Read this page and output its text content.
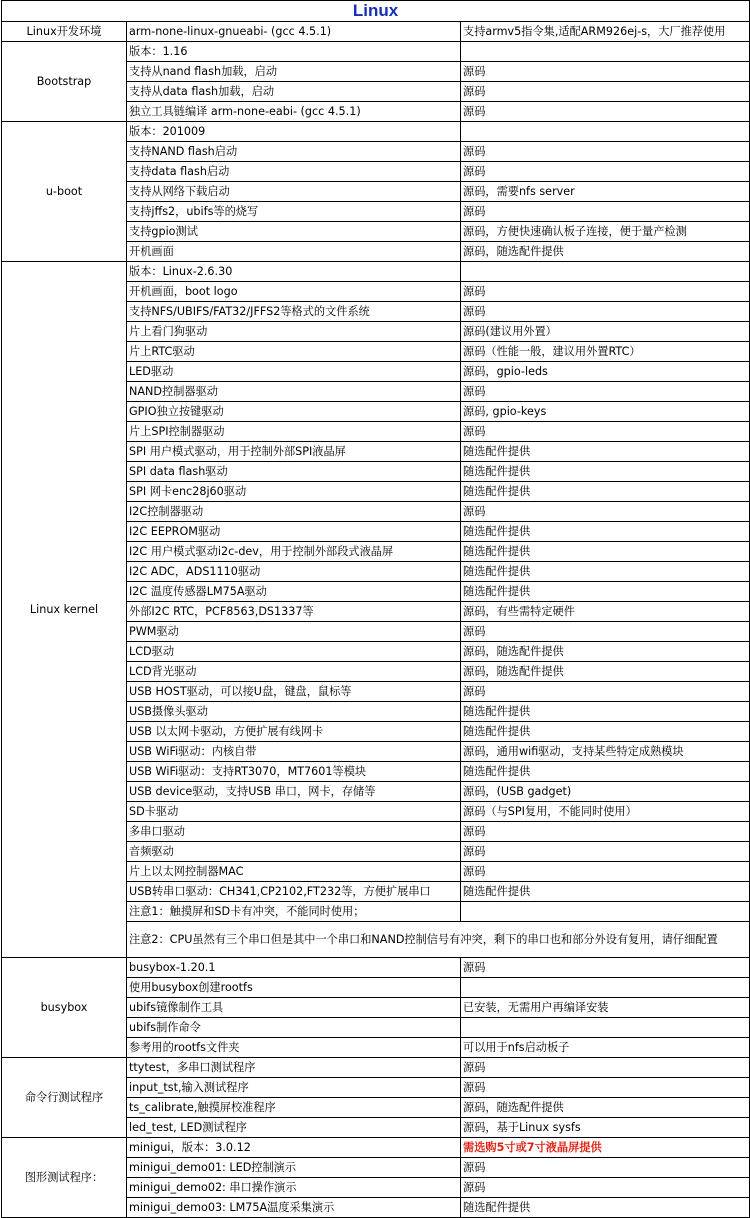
Linux		
Linux开发环境	arm-none-linux-gnueabi- (gcc 4.5.1)	支持armv5指令集,适配ARM926ej-s，大厂推荐使用
Bootstrap	版本：1.16	
	支持从nand flash加载，启动	源码
	支持从data flash加载，启动	源码
	独立工具链编译 arm-none-eabi- (gcc 4.5.1)	源码
u-boot	版本：201009	
	支持NAND flash启动	源码
	支持data flash启动	源码
	支持从网络下载启动	源码，需要nfs server
	支持jffs2，ubifs等的烧写	源码
	支持gpio测试	源码，方便快速确认板子连接，便于量产检测
	开机画面	源码，随选配件提供
Linux kernel	版本：Linux-2.6.30	
	开机画面，boot logo	源码
	支持NFS/UBIFS/FAT32/JFFS2等格式的文件系统	源码
	片上看门狗驱动	源码(建议用外置）
	片上RTC驱动	源码（性能一般，建议用外置RTC）
	LED驱动	源码，gpio-leds
	NAND控制器驱动	源码
	GPIO独立按键驱动	源码, gpio-keys
	片上SPI控制器驱动	源码
	SPI 用户模式驱动，用于控制外部SPI液晶屏	随选配件提供
	SPI data flash驱动	随选配件提供
	SPI 网卡enc28j60驱动	随选配件提供
	I2C控制器驱动	源码
	I2C EEPROM驱动	随选配件提供
	I2C 用户模式驱动i2c-dev，用于控制外部段式液晶屏	随选配件提供
	I2C ADC，ADS1110驱动	随选配件提供
	I2C 温度传感器LM75A驱动	随选配件提供
	外部I2C RTC，PCF8563,DS1337等	源码，有些需特定硬件
	PWM驱动	源码
	LCD驱动	源码，随选配件提供
	LCD背光驱动	源码，随选配件提供
	USB HOST驱动，可以接U盘，键盘，鼠标等	源码
	USB摄像头驱动	随选配件提供
	USB 以太网卡驱动，方便扩展有线网卡	随选配件提供
	USB WiFi驱动：内核自带	源码，通用wifi驱动，支持某些特定成熟模块
	USB WiFi驱动：支持RT3070，MT7601等模块	随选配件提供
	USB device驱动，支持USB 串口，网卡，存储等	源码，(USB gadget)
	SD卡驱动	源码（与SPI复用，不能同时使用）
	多串口驱动	源码
	音频驱动	源码
	片上以太网控制器MAC	源码
	USB转串口驱动：CH341,CP2102,FT232等，方便扩展串口	随选配件提供
	注意1：触摸屏和SD卡有冲突，不能同时使用；	
	注意2：CPU虽然有三个串口但是其中一个串口和NAND控制信号有冲突，剩下的串口也和部分外设有复用，请仔细配置	
busybox	busybox-1.20.1	源码
	使用busybox创建rootfs	
	ubifs镜像制作工具	已安装，无需用户再编译安装
	ubifs制作命令	
	参考用的rootfs文件夹	可以用于nfs启动板子
命令行测试程序	ttytest，多串口测试程序	源码
	input_tst,输入测试程序	源码
	ts_calibrate,触摸屏校准程序	源码，随选配件提供
	led_test, LED测试程序	源码，基于Linux sysfs
图形测试程序：	minigui，版本：3.0.12	需选购5寸或7寸液晶屏提供
	minigui_demo01: LED控制演示	源码
	minigui_demo02: 串口操作演示	源码
	minigui_demo03: LM75A温度采集演示	随选配件提供
